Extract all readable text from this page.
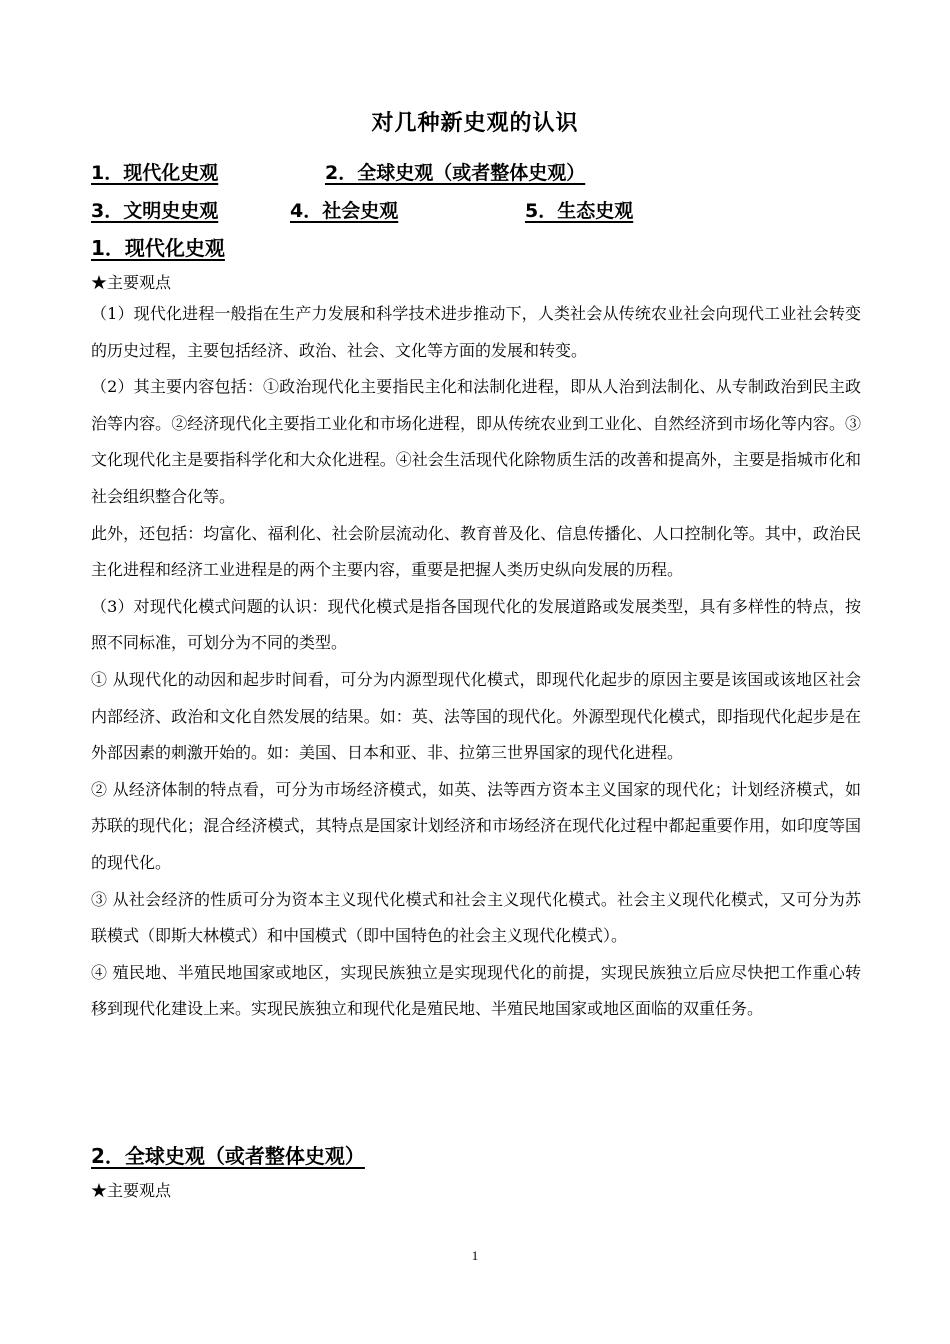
对几种新史观的认识
1．现代化史观	2．全球史观（或者整体史观）
3．文明史史观	4．社会史观	5．生态史观
1．现代化史观
★主要观点

（1）现代化进程一般指在生产力发展和科学技术进步推动下，人类社会从传统农业社会向现代工业社会转变的历史过程，主要包括经济、政治、社会、文化等方面的发展和转变。

（2）其主要内容包括：①政治现代化主要指民主化和法制化进程，即从人治到法制化、从专制政治到民主政治等内容。②经济现代化主要指工业化和市场化进程，即从传统农业到工业化、自然经济到市场化等内容。③文化现代化主是要指科学化和大众化进程。④社会生活现代化除物质生活的改善和提高外，主要是指城市化和社会组织整合化等。

此外，还包括：均富化、福利化、社会阶层流动化、教育普及化、信息传播化、人口控制化等。其中，政治民主化进程和经济工业进程是的两个主要内容，重要是把握人类历史纵向发展的历程。

（3）对现代化模式问题的认识：现代化模式是指各国现代化的发展道路或发展类型，具有多样性的特点，按照不同标准，可划分为不同的类型。

① 从现代化的动因和起步时间看，可分为内源型现代化模式，即现代化起步的原因主要是该国或该地区社会内部经济、政治和文化自然发展的结果。如：英、法等国的现代化。外源型现代化模式，即指现代化起步是在外部因素的刺激开始的。如：美国、日本和亚、非、拉第三世界国家的现代化进程。

② 从经济体制的特点看，可分为市场经济模式，如英、法等西方资本主义国家的现代化；计划经济模式，如苏联的现代化；混合经济模式，其特点是国家计划经济和市场经济在现代化过程中都起重要作用，如印度等国的现代化。

③ 从社会经济的性质可分为资本主义现代化模式和社会主义现代化模式。社会主义现代化模式，又可分为苏联模式（即斯大林模式）和中国模式（即中国特色的社会主义现代化模式）。

④ 殖民地、半殖民地国家或地区，实现民族独立是实现现代化的前提，实现民族独立后应尽快把工作重心转移到现代化建设上来。实现民族独立和现代化是殖民地、半殖民地国家或地区面临的双重任务。

2．全球史观（或者整体史观）
★主要观点
1
